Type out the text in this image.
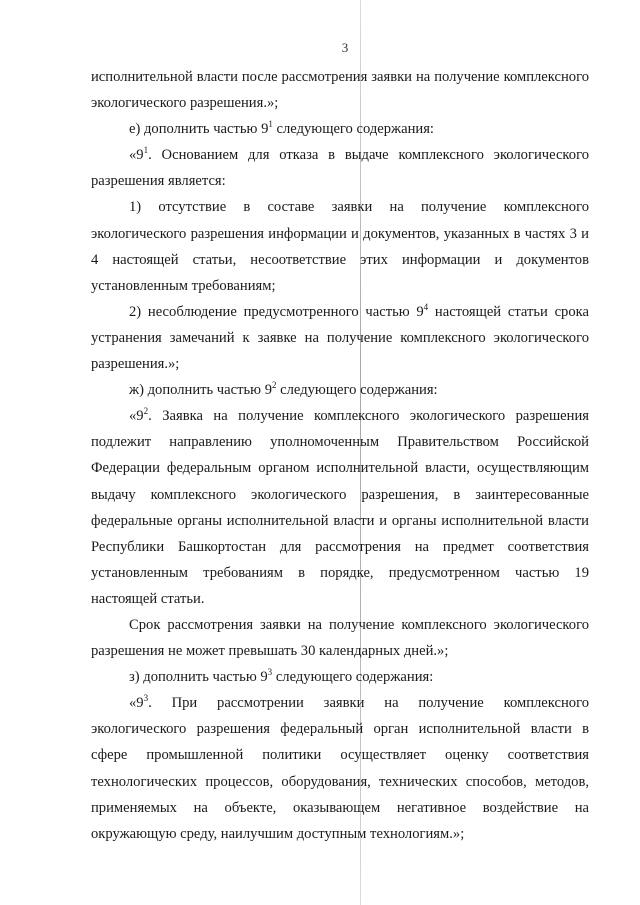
3

исполнительной власти после рассмотрения заявки на получение комплексного экологического разрешения.»;

е) дополнить частью $9^1$ следующего содержания:

«$9^1$. Основанием для отказа в выдаче комплексного экологического разрешения является:

1) отсутствие в составе заявки на получение комплексного экологического разрешения информации и документов, указанных в частях 3 и 4 настоящей статьи, несоответствие этих информации и документов установленным требованиям;

2) несоблюдение предусмотренного частью $9^4$ настоящей статьи срока устранения замечаний к заявке на получение комплексного экологического разрешения.»;

ж) дополнить частью $9^2$ следующего содержания:

«$9^2$. Заявка на получение комплексного экологического разрешения подлежит направлению уполномоченным Правительством Российской Федерации федеральным органом исполнительной власти, осуществляющим выдачу комплексного экологического разрешения, в заинтересованные федеральные органы исполнительной власти и органы исполнительной власти Республики Башкортостан для рассмотрения на предмет соответствия установленным требованиям в порядке, предусмотренном частью 19 настоящей статьи.

Срок рассмотрения заявки на получение комплексного экологического разрешения не может превышать 30 календарных дней.»;

з) дополнить частью $9^3$ следующего содержания:

«$9^3$. При рассмотрении заявки на получение комплексного экологического разрешения федеральный орган исполнительной власти в сфере промышленной политики осуществляет оценку соответствия технологических процессов, оборудования, технических способов, методов, применяемых на объекте, оказывающем негативное воздействие на окружающую среду, наилучшим доступным технологиям.»;
